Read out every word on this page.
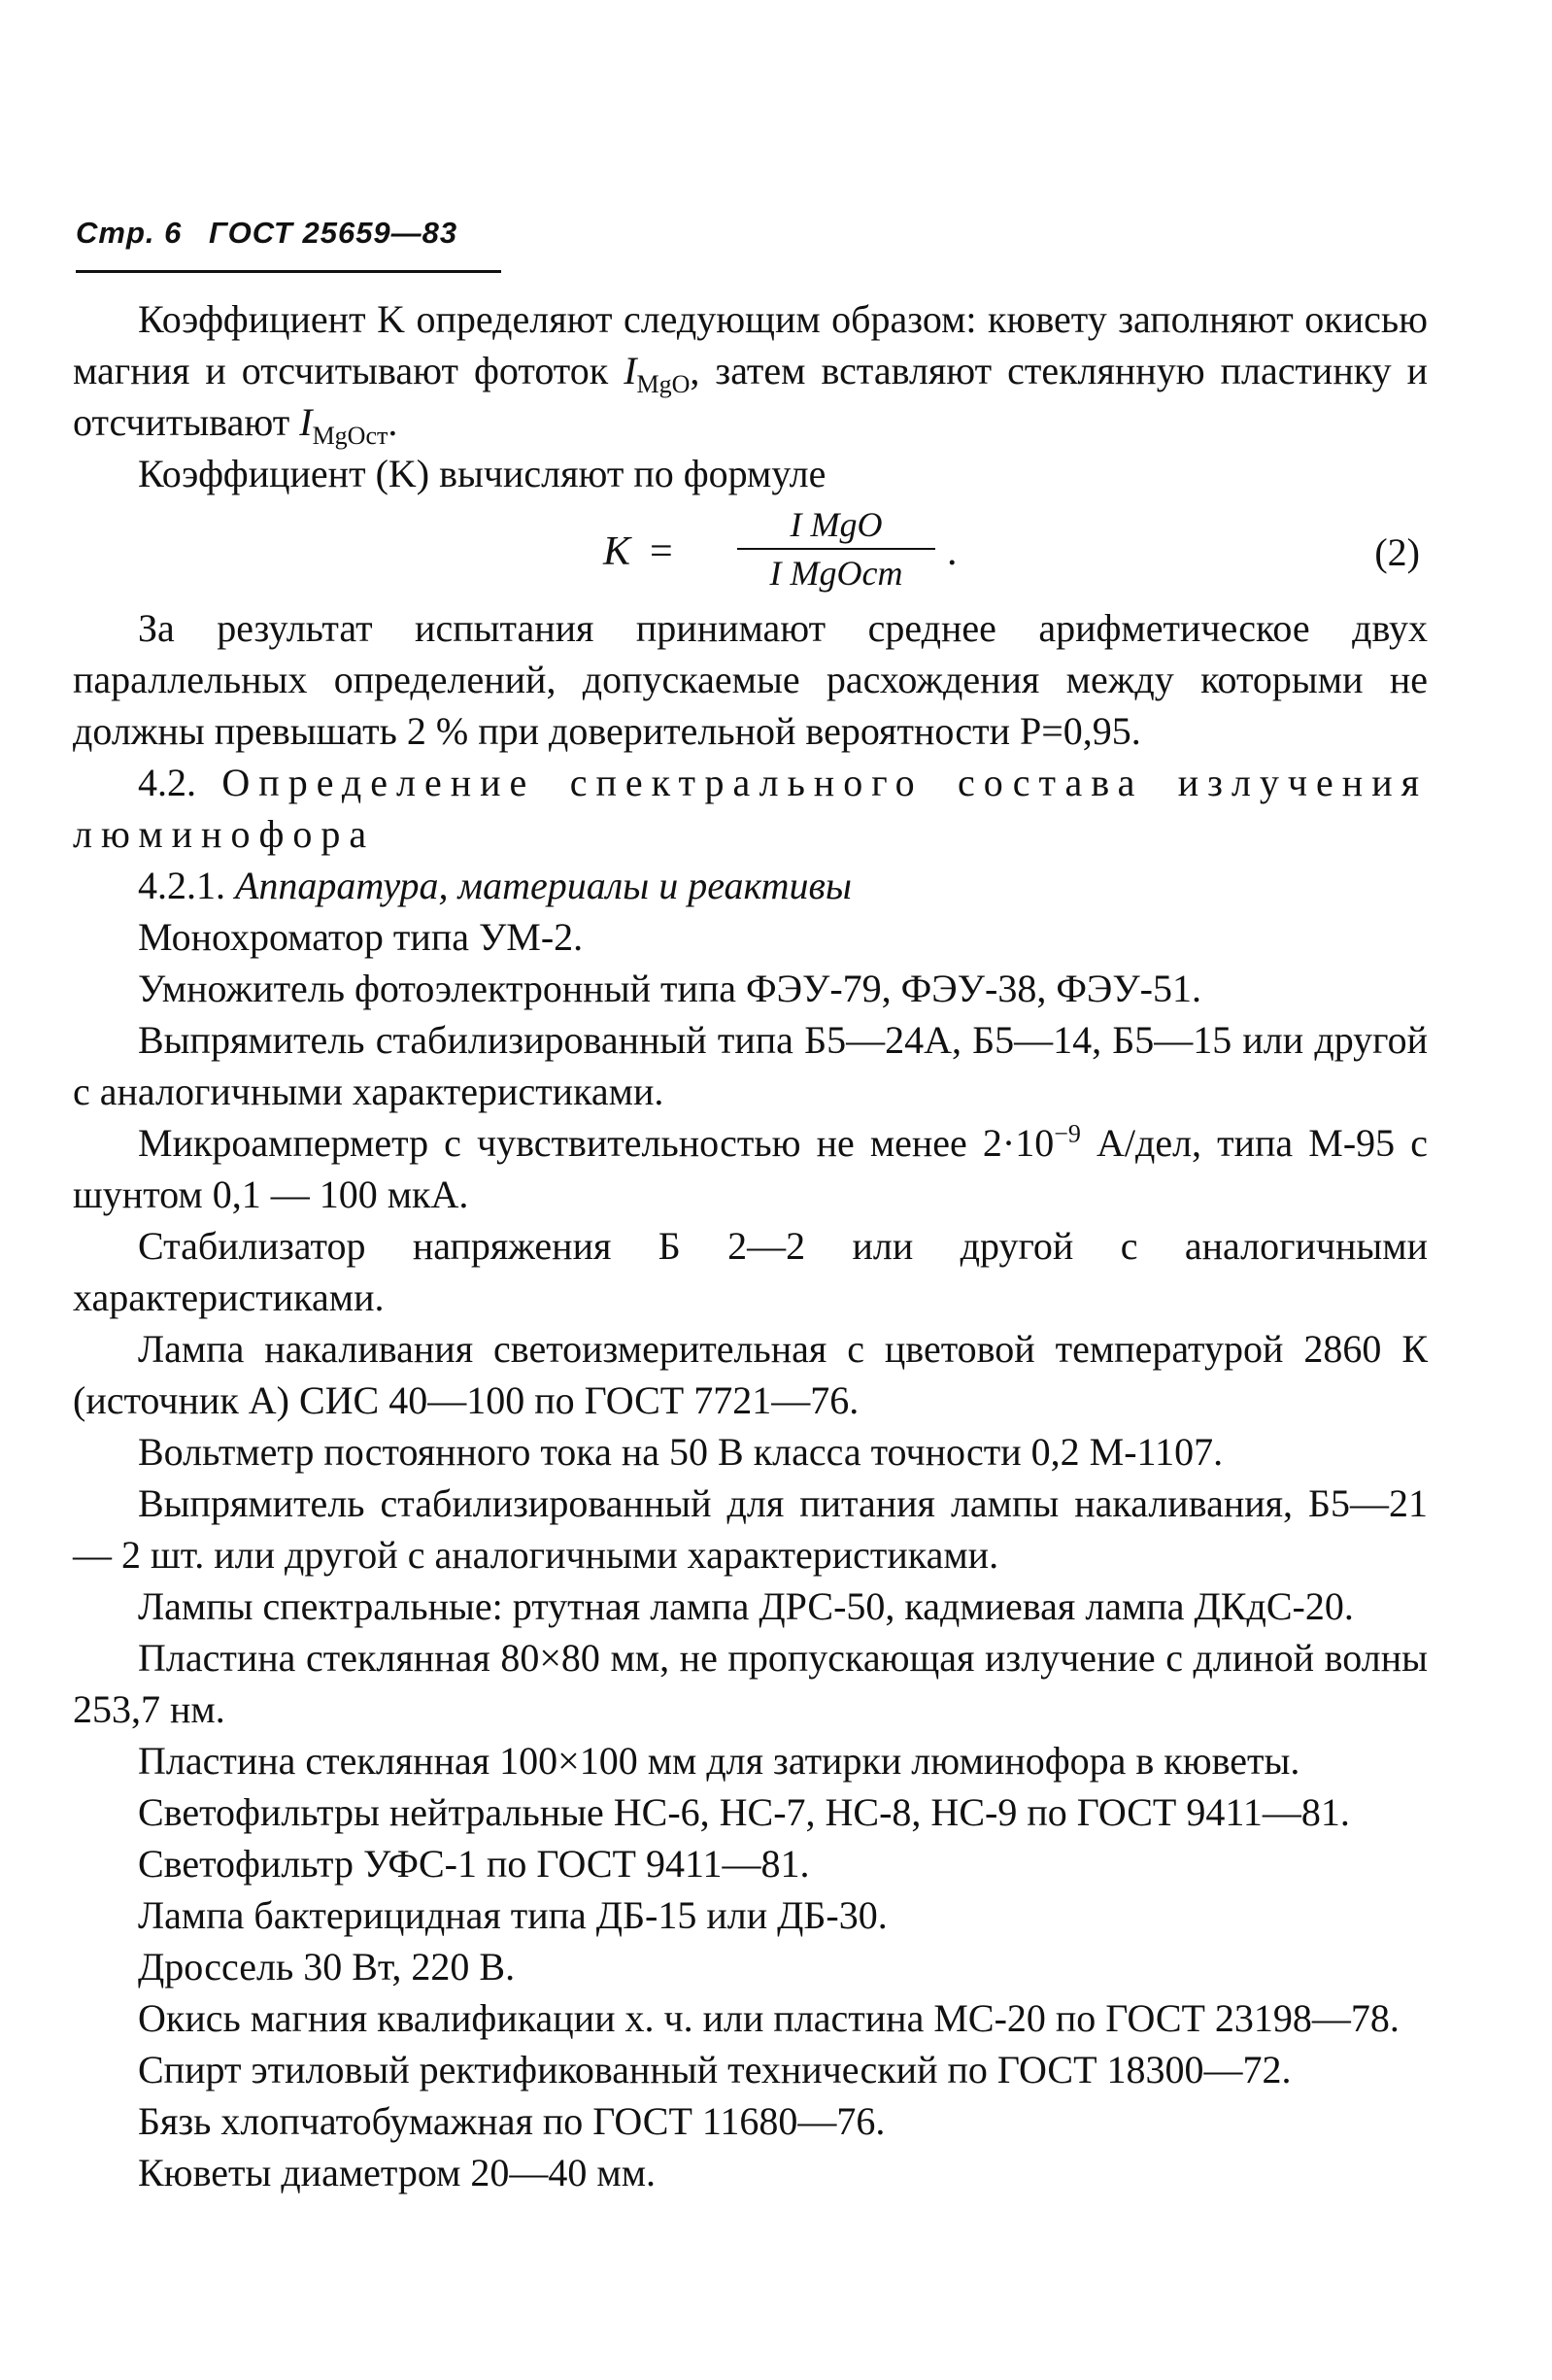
Стр. 6 ГОСТ 25659—83

Коэффициент K определяют следующим образом: кювету заполняют окисью магния и отсчитывают фототок $I_{MgO}$, затем вставляют стеклянную пластинку и отсчитывают $I_{MgOст}$.

Коэффициент (K) вычисляют по формуле

K =
I MgO
I MgOст	.	(2)

За результат испытания принимают среднее арифметическое двух параллельных определений, допускаемые расхождения между которыми не должны превышать 2 % при доверительной вероятности P=0,95.

4.2. Определение спектрального состава излучения люминофора

4.2.1. Аппаратура, материалы и реактивы

Монохроматор типа УМ-2.

Умножитель фотоэлектронный типа ФЭУ-79, ФЭУ-38, ФЭУ-51.

Выпрямитель стабилизированный типа Б5—24А, Б5—14, Б5—15 или другой с аналогичными характеристиками.

Микроамперметр с чувствительностью не менее $2\cdot 10^{-9}$ А/дел, типа М-95 с шунтом 0,1 — 100 мкА.

Стабилизатор напряжения Б 2—2 или другой с аналогичными характеристиками.

Лампа накаливания светоизмерительная с цветовой температурой 2860 К (источник А) СИС 40—100 по ГОСТ 7721—76.

Вольтметр постоянного тока на 50 В класса точности 0,2 М-1107.

Выпрямитель стабилизированный для питания лампы накаливания, Б5—21 — 2 шт. или другой с аналогичными характеристиками.

Лампы спектральные: ртутная лампа ДРС-50, кадмиевая лампа ДКдС-20.

Пластина стеклянная 80×80 мм, не пропускающая излучение с длиной волны 253,7 нм.

Пластина стеклянная 100×100 мм для затирки люминофора в кюветы.

Светофильтры нейтральные НС-6, НС-7, НС-8, НС-9 по ГОСТ 9411—81.

Светофильтр УФС-1 по ГОСТ 9411—81.

Лампа бактерицидная типа ДБ-15 или ДБ-30.

Дроссель 30 Вт, 220 В.

Окись магния квалификации х. ч. или пластина МС-20 по ГОСТ 23198—78.

Спирт этиловый ректификованный технический по ГОСТ 18300—72.

Бязь хлопчатобумажная по ГОСТ 11680—76.

Кюветы диаметром 20—40 мм.
